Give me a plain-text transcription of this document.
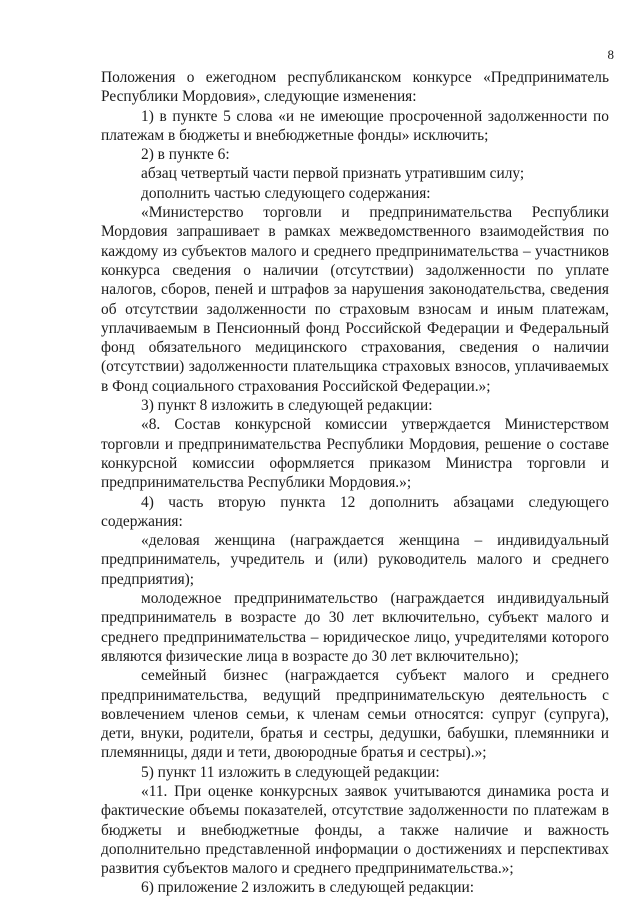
8

Положения о ежегодном республиканском конкурсе «Предприниматель Республики Мордовия», следующие изменения:

1) в пункте 5 слова «и не имеющие просроченной задолженности по платежам в бюджеты и внебюджетные фонды» исключить;

2) в пункте 6:

абзац четвертый части первой признать утратившим силу;

дополнить частью следующего содержания:

«Министерство торговли и предпринимательства Республики Мордовия запрашивает в рамках межведомственного взаимодействия по каждому из субъектов малого и среднего предпринимательства – участников конкурса сведения о наличии (отсутствии) задолженности по уплате налогов, сборов, пеней и штрафов за нарушения законодательства, сведения об отсутствии задолженности по страховым взносам и иным платежам, уплачиваемым в Пенсионный фонд Российской Федерации и Федеральный фонд обязательного медицинского страхования, сведения о наличии (отсутствии) задолженности плательщика страховых взносов, уплачиваемых в Фонд социального страхования Российской Федерации.»;

3) пункт 8 изложить в следующей редакции:

«8. Состав конкурсной комиссии утверждается Министерством торговли и предпринимательства Республики Мордовия, решение о составе конкурсной комиссии оформляется приказом Министра торговли и предпринимательства Республики Мордовия.»;

4) часть вторую пункта 12 дополнить абзацами следующего содержания:

«деловая женщина (награждается женщина – индивидуальный предприниматель, учредитель и (или) руководитель малого и среднего предприятия);

молодежное предпринимательство (награждается индивидуальный предприниматель в возрасте до 30 лет включительно, субъект малого и среднего предпринимательства – юридическое лицо, учредителями которого являются физические лица в возрасте до 30 лет включительно);

семейный бизнес (награждается субъект малого и среднего предпринимательства, ведущий предпринимательскую деятельность с вовлечением членов семьи, к членам семьи относятся: супруг (супруга), дети, внуки, родители, братья и сестры, дедушки, бабушки, племянники и племянницы, дяди и тети, двоюродные братья и сестры).»;

5) пункт 11 изложить в следующей редакции:

«11. При оценке конкурсных заявок учитываются динамика роста и фактические объемы показателей, отсутствие задолженности по платежам в бюджеты и внебюджетные фонды, а также наличие и важность дополнительно представленной информации о достижениях и перспективах развития субъектов малого и среднего предпринимательства.»;

6) приложение 2 изложить в следующей редакции:
